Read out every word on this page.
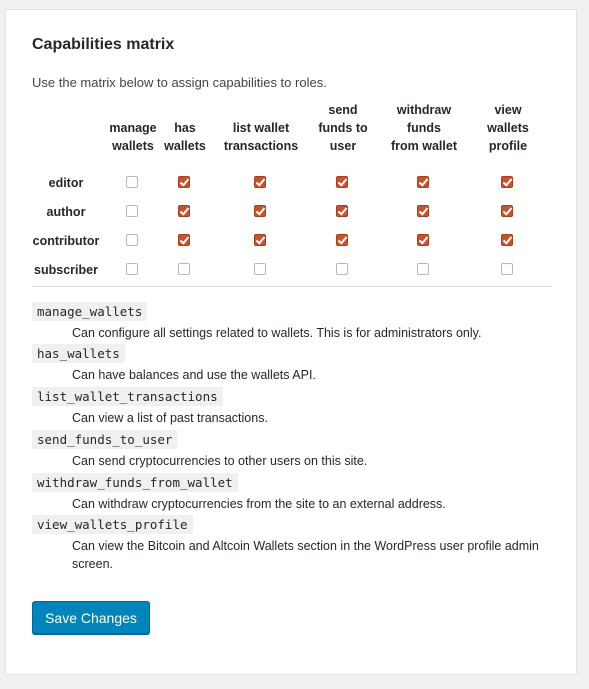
Capabilities matrix
Use the matrix below to assign capabilities to roles.
manage
wallets
has
wallets
list wallet
transactions
send
funds to
user
withdraw funds
from wallet
view
wallets
profile
editor
author
contributor
subscriber
manage_wallets
Can configure all settings related to wallets. This is for administrators only.
has_wallets
Can have balances and use the wallets API.
list_wallet_transactions
Can view a list of past transactions.
send_funds_to_user
Can send cryptocurrencies to other users on this site.
withdraw_funds_from_wallet
Can withdraw cryptocurrencies from the site to an external address.
view_wallets_profile
Can view the Bitcoin and Altcoin Wallets section in the WordPress user profile admin screen.
Save Changes
